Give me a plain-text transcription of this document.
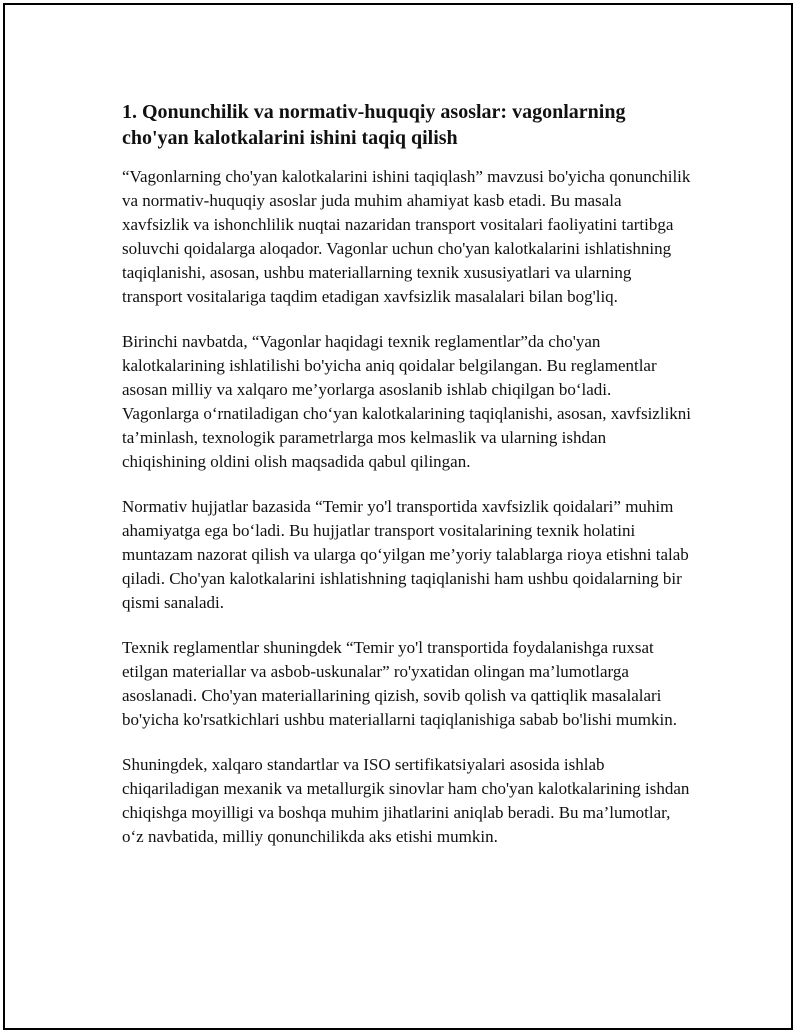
1. Qonunchilik va normativ-huquqiy asoslar: vagonlarning cho'yan kalotkalarini ishini taqiq qilish

“Vagonlarning cho'yan kalotkalarini ishini taqiqlash” mavzusi bo'yicha qonunchilik va normativ-huquqiy asoslar juda muhim ahamiyat kasb etadi. Bu masala xavfsizlik va ishonchlilik nuqtai nazaridan transport vositalari faoliyatini tartibga soluvchi qoidalarga aloqador. Vagonlar uchun cho'yan kalotkalarini ishlatishning taqiqlanishi, asosan, ushbu materiallarning texnik xususiyatlari va ularning transport vositalariga taqdim etadigan xavfsizlik masalalari bilan bog'liq.

Birinchi navbatda, “Vagonlar haqidagi texnik reglamentlar”da cho'yan kalotkalarining ishlatilishi bo'yicha aniq qoidalar belgilangan. Bu reglamentlar asosan milliy va xalqaro me’yorlarga asoslanib ishlab chiqilgan bo‘ladi. Vagonlarga o‘rnatiladigan cho‘yan kalotkalarining taqiqlanishi, asosan, xavfsizlikni ta’minlash, texnologik parametrlarga mos kelmaslik va ularning ishdan chiqishining oldini olish maqsadida qabul qilingan.

Normativ hujjatlar bazasida “Temir yo'l transportida xavfsizlik qoidalari” muhim ahamiyatga ega bo‘ladi. Bu hujjatlar transport vositalarining texnik holatini muntazam nazorat qilish va ularga qo‘yilgan me’yoriy talablarga rioya etishni talab qiladi. Cho'yan kalotkalarini ishlatishning taqiqlanishi ham ushbu qoidalarning bir qismi sanaladi.

Texnik reglamentlar shuningdek “Temir yo'l transportida foydalanishga ruxsat etilgan materiallar va asbob-uskunalar” ro'yxatidan olingan ma’lumotlarga asoslanadi. Cho'yan materiallarining qizish, sovib qolish va qattiqlik masalalari bo'yicha ko'rsatkichlari ushbu materiallarni taqiqlanishiga sabab bo'lishi mumkin.

Shuningdek, xalqaro standartlar va ISO sertifikatsiyalari asosida ishlab chiqariladigan mexanik va metallurgik sinovlar ham cho'yan kalotkalarining ishdan chiqishga moyilligi va boshqa muhim jihatlarini aniqlab beradi. Bu ma’lumotlar, o‘z navbatida, milliy qonunchilikda aks etishi mumkin.
